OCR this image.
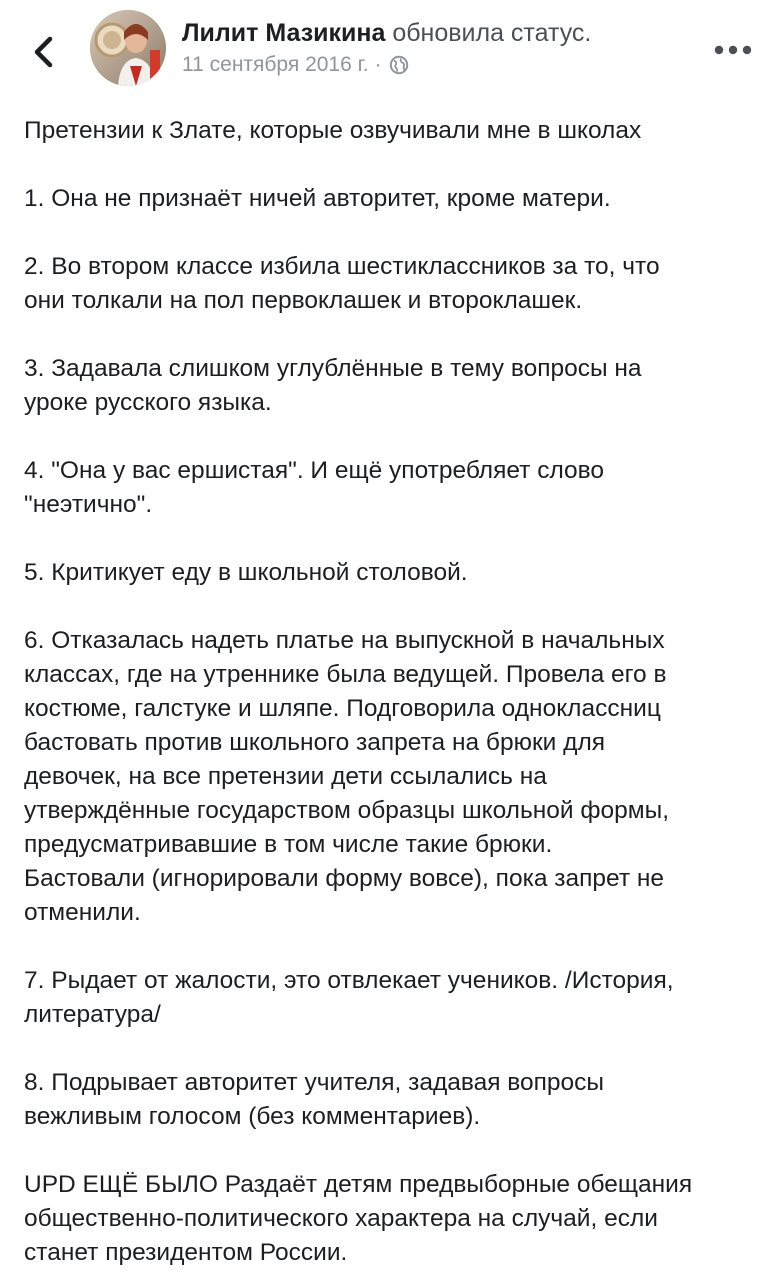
Лилит Мазикина обновила статус.
11 сентября 2016 г. ·

Претензии к Злате, которые озвучивали мне в школах

1. Она не признаёт ничей авторитет, кроме матери.

2. Во втором классе избила шестиклассников за то, что
они толкали на пол первоклашек и второклашек.

3. Задавала слишком углублённые в тему вопросы на
уроке русского языка.

4. "Она у вас ершистая". И ещё употребляет слово
"неэтично".

5. Критикует еду в школьной столовой.

6. Отказалась надеть платье на выпускной в начальных
классах, где на утреннике была ведущей. Провела его в
костюме, галстуке и шляпе. Подговорила одноклассниц
бастовать против школьного запрета на брюки для
девочек, на все претензии дети ссылались на
утверждённые государством образцы школьной формы,
предусматривавшие в том числе такие брюки.
Бастовали (игнорировали форму вовсе), пока запрет не
отменили.

7. Рыдает от жалости, это отвлекает учеников. /История,
литература/

8. Подрывает авторитет учителя, задавая вопросы
вежливым голосом (без комментариев).

UPD ЕЩЁ БЫЛО Раздаёт детям предвыборные обещания
общественно-политического характера на случай, если
станет президентом России.
